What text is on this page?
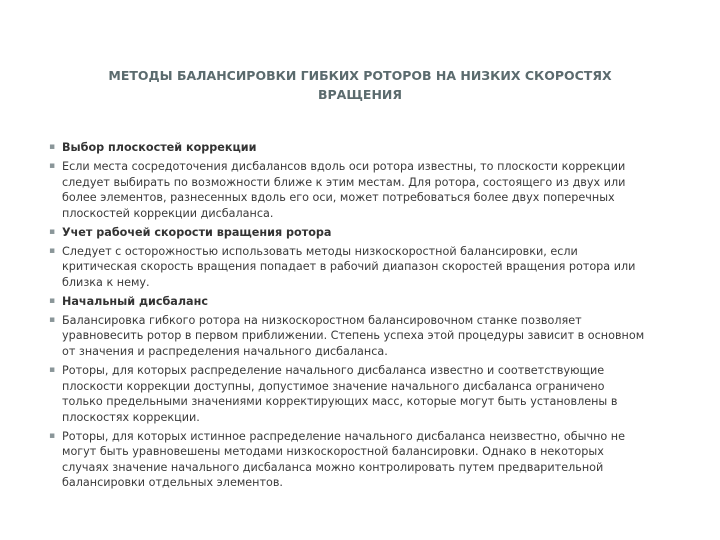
МЕТОДЫ БАЛАНСИРОВКИ ГИБКИХ РОТОРОВ НА НИЗКИХ СКОРОСТЯХ
ВРАЩЕНИЯ
▪ Выбор плоскостей коррекции
▪ Если места сосредоточения дисбалансов вдоль оси ротора известны, то плоскости коррекции следует выбирать по возможности ближе к этим местам. Для ротора, состоящего из двух или более элементов, разнесенных вдоль его оси, может потребоваться более двух поперечных плоскостей коррекции дисбаланса.
▪ Учет рабочей скорости вращения ротора
▪ Следует с осторожностью использовать методы низкоскоростной балансировки, если критическая скорость вращения попадает в рабочий диапазон скоростей вращения ротора или близка к нему.
▪ Начальный дисбаланс
▪ Балансировка гибкого ротора на низкоскоростном балансировочном станке позволяет уравновесить ротор в первом приближении. Степень успеха этой процедуры зависит в основном от значения и распределения начального дисбаланса.
▪ Роторы, для которых распределение начального дисбаланса известно и соответствующие плоскости коррекции доступны, допустимое значение начального дисбаланса ограничено только предельными значениями корректирующих масс, которые могут быть установлены в плоскостях коррекции.
▪ Роторы, для которых истинное распределение начального дисбаланса неизвестно, обычно не могут быть уравновешены методами низкоскоростной балансировки. Однако в некоторых случаях значение начального дисбаланса можно контролировать путем предварительной балансировки отдельных элементов.
